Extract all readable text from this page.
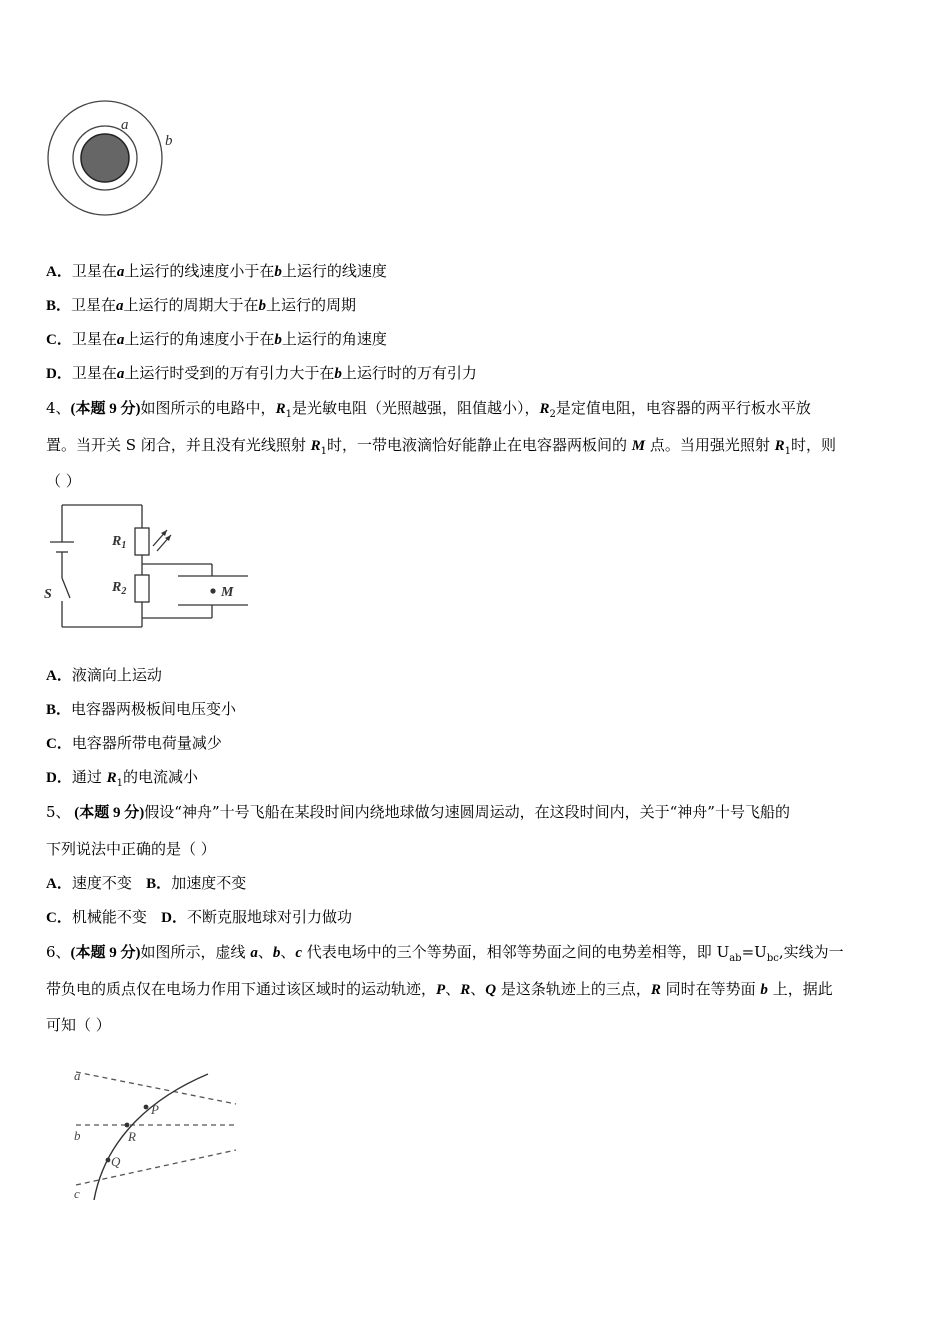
a
b
A．卫星在a上运行的线速度小于在b上运行的线速度
B．卫星在a上运行的周期大于在b上运行的周期
C．卫星在a上运行的角速度小于在b上运行的角速度
D．卫星在a上运行时受到的万有引力大于在b上运行时的万有引力
4、(本题 9 分)如图所示的电路中，$R_1$是光敏电阻（光照越强，阻值越小），$R_2$是定值电阻，电容器的两平行板水平放
置。当开关 S 闭合，并且没有光线照射 $R_1$时，一带电液滴恰好能静止在电容器两板间的 M 点。当用强光照射 $R_1$时，则
（ ）
$R_1$
$R_2$
S	M
A．液滴向上运动
B．电容器两极板间电压变小
C．电容器所带电荷量减少
D．通过 $R_1$的电流减小
5、 (本题 9 分)假设“神舟”十号飞船在某段时间内绕地球做匀速圆周运动，在这段时间内，关于“神舟”十号飞船的
下列说法中正确的是（ ）
A．速度不变 B．加速度不变
C．机械能不变 D．不断克服地球对引力做功
6、(本题 9 分)如图所示，虚线 a、b、c 代表电场中的三个等势面，相邻等势面之间的电势差相等，即 $U_{ab}=U_{bc}$,实线为一
带负电的质点仅在电场力作用下通过该区域时的运动轨迹，P、R、Q 是这条轨迹上的三点，R 同时在等势面 b 上，据此
可知（ ）
a
b
c
P
R
Q
